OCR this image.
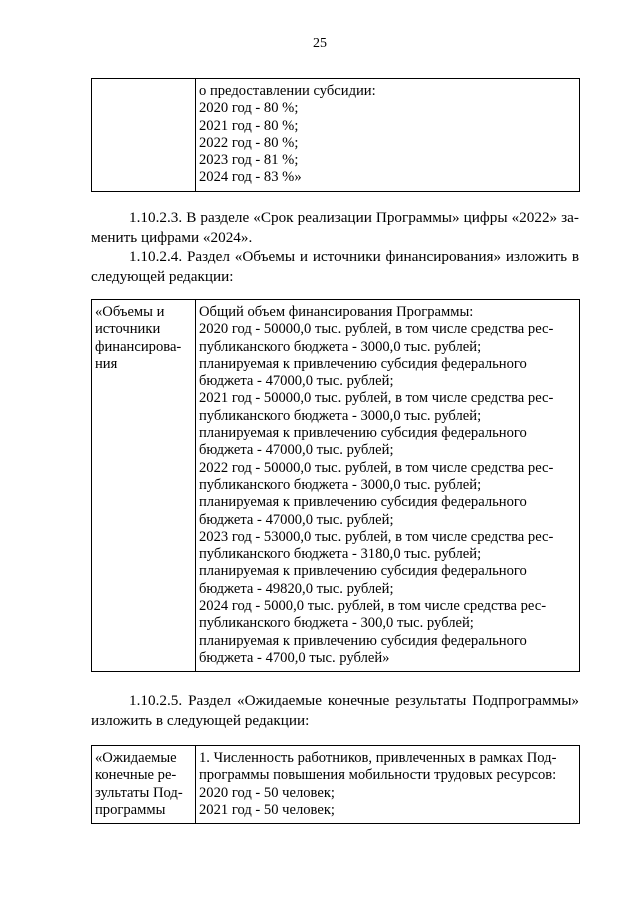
25

о предоставлении субсидии:
2020 год - 80 %;
2021 год - 80 %;
2022 год - 80 %;
2023 год - 81 %;
2024 год - 83 %»
1.10.2.3. В разделе «Срок реализации Программы» цифры «2022» за-
менить цифрами «2024».
1.10.2.4. Раздел «Объемы и источники финансирования» изложить в
следующей редакции:
«Объемы и
источники
финансирова-
ния

Общий объем финансирования Программы:
2020 год - 50000,0 тыс. рублей, в том числе средства рес-
публиканского бюджета - 3000,0 тыс. рублей;
планируемая к привлечению субсидия федерального
бюджета - 47000,0 тыс. рублей;
2021 год - 50000,0 тыс. рублей, в том числе средства рес-
публиканского бюджета - 3000,0 тыс. рублей;
планируемая к привлечению субсидия федерального
бюджета - 47000,0 тыс. рублей;
2022 год - 50000,0 тыс. рублей, в том числе средства рес-
публиканского бюджета - 3000,0 тыс. рублей;
планируемая к привлечению субсидия федерального
бюджета - 47000,0 тыс. рублей;
2023 год - 53000,0 тыс. рублей, в том числе средства рес-
публиканского бюджета - 3180,0 тыс. рублей;
планируемая к привлечению субсидия федерального
бюджета - 49820,0 тыс. рублей;
2024 год - 5000,0 тыс. рублей, в том числе средства рес-
публиканского бюджета - 300,0 тыс. рублей;
планируемая к привлечению субсидия федерального
бюджета - 4700,0 тыс. рублей»
1.10.2.5. Раздел «Ожидаемые конечные результаты Подпрограммы»
изложить в следующей редакции:
«Ожидаемые
конечные ре-
зультаты Под-
программы

1. Численность работников, привлеченных в рамках Под-
программы повышения мобильности трудовых ресурсов:
2020 год - 50 человек;
2021 год - 50 человек;
